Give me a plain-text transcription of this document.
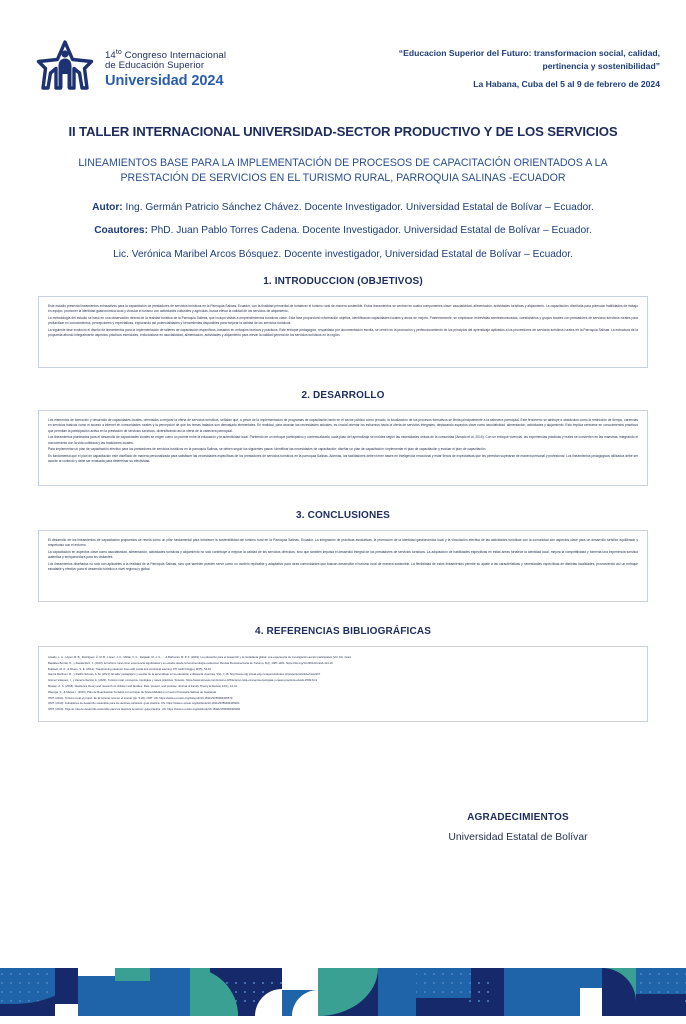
$14^{to}$ Congreso Internacional
de Educación Superior
Universidad 2024
“Educacion Superior del Futuro: transformacion social, calidad, pertinencia y sostenibilidad”
La Habana, Cuba del 5 al 9 de febrero de 2024
II TALLER INTERNACIONAL UNIVERSIDAD-SECTOR PRODUCTIVO Y DE LOS SERVICIOS
LINEAMIENTOS BASE PARA LA IMPLEMENTACIÓN DE PROCESOS DE CAPACITACIÓN ORIENTADOS A LA PRESTACIÓN DE SERVICIOS EN EL TURISMO RURAL, PARROQUIA SALINAS -ECUADOR
Autor: Ing. Germán Patricio Sánchez Chávez. Docente Investigador. Universidad Estatal de Bolívar – Ecuador.
Coautores: PhD. Juan Pablo Torres Cadena. Docente Investigador. Universidad Estatal de Bolívar – Ecuador.
Lic. Verónica Maribel Arcos Bósquez. Docente investigador, Universidad Estatal de Bolívar – Ecuador.
1. INTRODUCCION (OBJETIVOS)

Este estudio presenta lineamientos exhaustivos para la capacitación de prestadores de servicios turísticos en la Parroquia Salinas, Ecuador, con la finalidad primordial de fortalecer el turismo rural de manera sostenible. Estos lineamientos se centran en cuatro componentes clave: asociatividad, alimentación, actividades turísticas y alojamiento. La capacitación, diseñada para potenciar habilidades de trabajo en equipo, promover la identidad gastronómica local y vincular el turismo con actividades culturales y agrícolas, busca elevar la calidad de los servicios de alojamiento.

La metodología del estudio se basó en una observación directa de la realidad turística de la Parroquia Salinas, que incluyó visitas a emprendimientos turísticos clave. Esta fase proporcionó información objetiva, identificando capacidades locales y áreas de mejora. Posteriormente, se emplearon entrevistas semiestructuradas, cuestionarios y grupos focales con prestadores de servicios turísticos rurales para profundizar en conocimientos, percepciones y expectativas, explorando así potencialidades y herramientas disponibles para mejorar la calidad de los servicios turísticos.

La siguiente fase involucró el diseño de lineamientos para la implementación de talleres de capacitación específicos, basados en enfoques teóricos y prácticos. Este enfoque pedagógico, respaldado por documentación escrita, se centró en la promoción y perfeccionamiento de los principios del aprendizaje aplicados a los proveedores de servicios turísticos rurales en la Parroquia Salinas. La estructura de la propuesta abordó integralmente aspectos prácticos esenciales, enfocándose en asociatividad, alimentación, actividades y alojamiento para elevar la calidad general de los servicios turísticos en la región.

2. DESARROLLO

Los elementos de formación y desarrollo de capacidades locales, orientados a mejorar la oferta de servicios turísticos, señalan que, a pesar de la implementación de programas de capacitación tanto en el sector público como privado, la focalización de los procesos formativos se limita principalmente a la cabecera parroquial. Este fenómeno se atribuye a obstáculos como la restricción de tiempo, carencias en servicios básicos como el acceso a internet en comunidades rurales y la percepción de que los temas tratados son demasiado elementales. En realidad, para abordar las necesidades actuales, es crucial orientar los esfuerzos hacia la oferta de servicios integrales, destacando aspectos clave como asociatividad, alimentación, actividades y alojamiento. Esto implica centrarse en conocimientos prácticos que permitan la participación activa en la prestación de servicios turísticos, diversificando así la oferta de la cabecera parroquial.

Los lineamientos planteados para el desarrollo de capacidades locales se erigen como un puente entre la educación y la autenticidad local. Partiendo de un enfoque participativo y contextualizado, cada paso del aprendizaje se moldea según las necesidades únicas de la comunidad (Amado et al, 2019). Con un enfoque vivencial, las experiencias prácticas y reales se convierten en las maestras, integrando el conocimiento con la vida cotidiana y las tradiciones locales.

Para implementar un plan de capacitación efectivo para los prestadores de servicios turísticos en la parroquia Salinas, se deben seguir los siguientes pasos: Identificar las necesidades de capacitación; diseñar un plan de capacitación; implementar el plan de capacitación y evaluar el plan de capacitación.

Es fundamental que el plan de capacitación esté diseñado de manera personalizada para satisfacer las necesidades específicas de los prestadores de servicios turísticos en la parroquia Salinas. Además, los facilitadores deben tener bases en inteligencia emocional y estar llenos de expectativas que les permitan superarse de manera personal y profesional. Los lineamientos pedagógicos utilizados debe ser acorde al contexto y debe ser evaluada para determinar su efectividad.

3. CONCLUSIONES

El desarrollo de los lineamientos de capacitación propuestos se revela como un pilar fundamental para fortalecer la sostenibilidad del turismo rural en la Parroquia Salinas, Ecuador. La integración de prácticas asociativas, la promoción de la identidad gastronómica local y la vinculación efectiva de las actividades turísticas con la comunidad son aspectos clave para un desarrollo turístico equilibrado y respetuoso con el entorno.

La capacitación en aspectos clave como asociatividad, alimentación, actividades turísticas y alojamiento no solo contribuye a mejorar la calidad de los servicios ofrecidos, sino que también impulsa el desarrollo integral de los prestadores de servicios turísticos. La adquisición de habilidades específicas en estas áreas fortalece la identidad local, mejora la competitividad y fomenta una experiencia turística auténtica y enriquecedora para los visitantes.

Los lineamientos diseñados no solo son aplicables a la realidad de la Parroquia Salinas, sino que también pueden servir como un modelo replicable y adaptativo para otras comunidades que buscan desarrollar el turismo rural de manera sostenible. La flexibilidad de estos lineamientos permite su ajuste a las características y necesidades específicas de distintas localidades, promoviendo así un enfoque escalable y efectivo para el desarrollo turístico a nivel regional y global.

4. REFERENCIAS BIBLIOGRÁFICAS

Amado, L. A., López, B. B., Rodríguez, Á. M. B., López, J. C., Miñán, F. C., Delgado, M. J. C., ... & Barberán, M. P. Z. (2019). La educación para el desarrollo y la ciudadanía global: una experiencia de investigación-acción participativa (Vol. 10). Grad.

Bardales Bernal, O., y Zavala Ruiz, J. (2023). El turismo rural como experiencia significativa y su estudio desde la fenomenología evidencial. Revista Iberoamericana de Turismo, 6(4), 1387-1401. https://doi.org/10.29012/rintrab.414.19

Brackett, M. A., & Rivers, S. E. (2014). Transforming students' lives with social and emotional learning. PH: Delhi blogger, 9(65), 54-61.

García Martínez, R., y Patiño Schvan, A. M. (2021). El taller pedagógico y escolar de la aprendizaje en la educación a distancia. Apertura, 5(2), 7-18. http://www.udg.virtual.udg.mx/apertura/index.php/apertura/article/view/207

Gómez Vásquez, I., y Zamora García, A. (2020). Turismo rural: conceptos, tipologías y casos prácticos. Síntesis. https://www.sintesis.com/turismo-125/turismo-rural-conceptos-tipologias-y-casos-practicos-ebook-2549.html

Masten, A. S. (2018). Resilience theory and research on children and families: Past, present, and promise. Journal of Family Theory & Review, 10(1), 12-31.

Wayoga, S., & Mamá, I. (2015). Plan de Reactivación Turística con enfoque de Sostenibilidad en el sector Parroquia Salinas de Guaranda.

OMT. (2014). Turismo rural el propio. En El turismo rural en el mundo (pp. 9-26). OMT. UN. https://www.e-unwto.org/doi/epub/10.18111/9789284406579

OMT. (2019). Indicadores de desarrollo sostenible para los destinos turísticos: guía práctica. UN. https://www.e-unwto.org/doi/book/10.18111/9789284405404

OMT. (2020). Hoja de ruta de desarrollo sostenible para los destinos turísticos: guía práctica. UN. https://www.e-unwto.org/doi/book/10.18111/9789284405492

AGRADECIMIENTOS
Universidad Estatal de Bolívar
